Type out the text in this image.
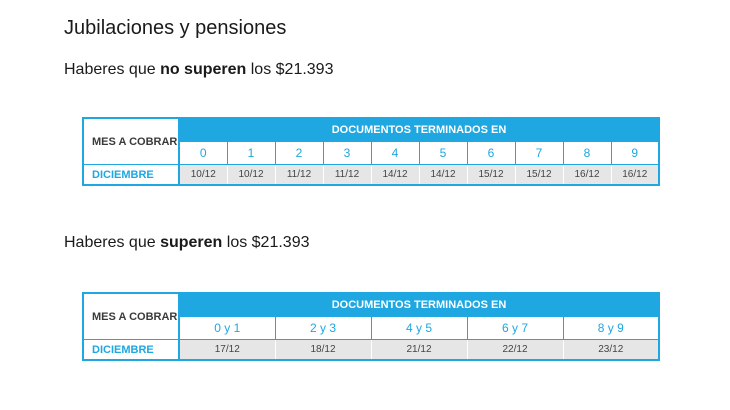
Jubilaciones y pensiones
Haberes que no superen los $21.393
MES A COBRAR	DOCUMENTOS TERMINADOS EN									
	0	1	2	3	4	5	6	7	8	9
DICIEMBRE	10/12	10/12	11/12	11/12	14/12	14/12	15/12	15/12	16/12	16/12
Haberes que superen los $21.393
MES A COBRAR	DOCUMENTOS TERMINADOS EN				
	0 y 1	2 y 3	4 y 5	6 y 7	8 y 9
DICIEMBRE	17/12	18/12	21/12	22/12	23/12
